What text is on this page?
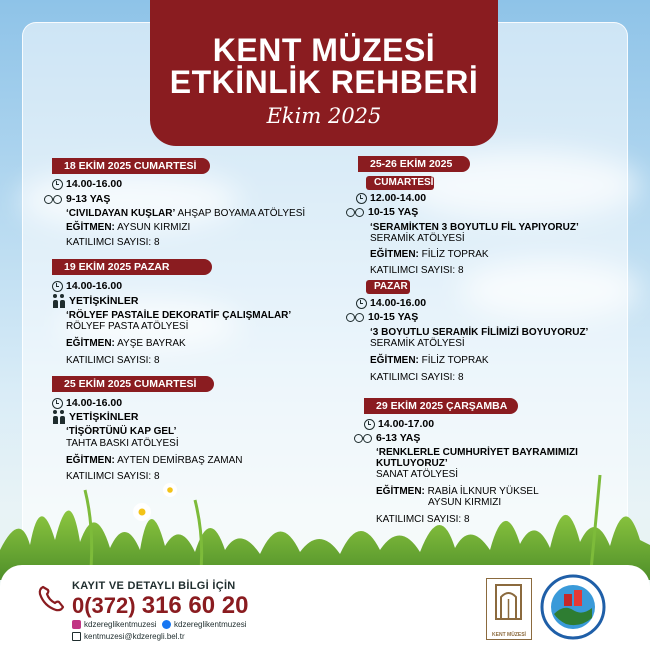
KENT MÜZESİ
ETKİNLİK REHBERİ
Ekim 2025
18 EKİM 2025 CUMARTESİ
14.00-16.00
9-13 YAŞ
‘CIVILDAYAN KUŞLAR’ AHŞAP BOYAMA ATÖLYESİ
EĞİTMEN: AYSUN KIRMIZI
KATILIMCI SAYISI: 8
19 EKİM 2025 PAZAR
14.00-16.00
YETİŞKİNLER
‘RÖLYEF PASTAİLE DEKORATİF ÇALIŞMALAR’
RÖLYEF PASTA ATÖLYESİ
EĞİTMEN: AYŞE BAYRAK
KATILIMCI SAYISI: 8
25 EKİM 2025 CUMARTESİ
14.00-16.00
YETİŞKİNLER
‘TİŞÖRTÜNÜ KAP GEL’
TAHTA BASKI ATÖLYESİ
EĞİTMEN: AYTEN DEMİRBAŞ ZAMAN
KATILIMCI SAYISI: 8
25-26 EKİM 2025
CUMARTESİ
12.00-14.00
10-15 YAŞ
‘SERAMİKTEN 3 BOYUTLU FİL YAPIYORUZ’
SERAMİK ATÖLYESİ
EĞİTMEN: FİLİZ TOPRAK
KATILIMCI SAYISI: 8
PAZAR
14.00-16.00
10-15 YAŞ
‘3 BOYUTLU SERAMİK FİLİMİZİ BOYUYORUZ’
SERAMİK ATÖLYESİ
EĞİTMEN: FİLİZ TOPRAK
KATILIMCI SAYISI: 8
29 EKİM 2025 ÇARŞAMBA
14.00-17.00
6-13 YAŞ
‘RENKLERLE CUMHURİYET BAYRAMIMIZI
KUTLUYORUZ’
SANAT ATÖLYESİ
EĞİTMEN: RABİA İLKNUR YÜKSEL
AYSUN KIRMIZI
KATILIMCI SAYISI: 8
KAYIT VE DETAYLI BİLGİ İÇİN
0(372) 316 60 20
kdzereglikentmuzesi kdzereglikentmuzesi
kentmuzesi@kdzeregli.bel.tr	KENT MÜZESİ
